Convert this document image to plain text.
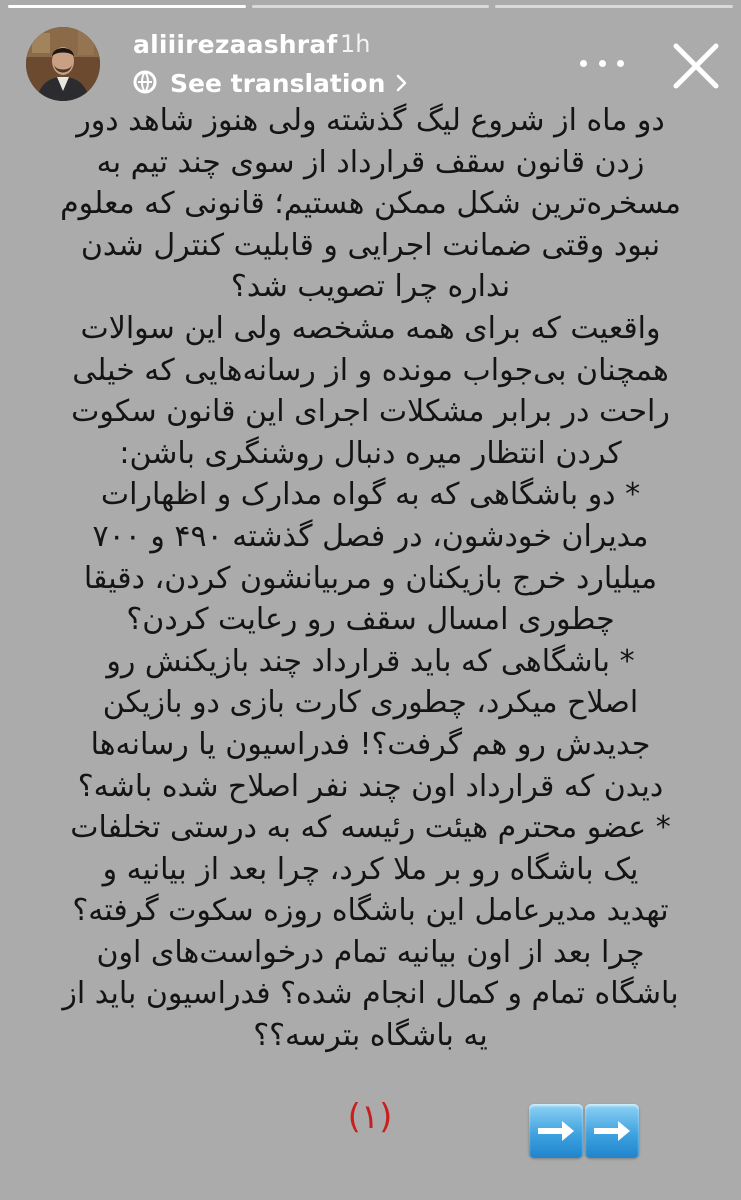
aliiirezaashraf 1h
See translation
دو ماه از شروع لیگ گذشته ولی هنوز شاهد دور
زدن قانون سقف قرارداد از سوی چند تیم به
مسخره‌ترین شکل ممکن هستیم؛ قانونی که معلوم
نبود وقتی ضمانت اجرایی و قابلیت کنترل شدن
نداره چرا تصویب شد؟
واقعیت که برای همه مشخصه ولی این سوالات
همچنان بی‌جواب مونده و از رسانه‌هایی که خیلی
راحت در برابر مشکلات اجرای این قانون سکوت
کردن انتظار میره دنبال روشنگری باشن:
* دو باشگاهی که به گواه مدارک و اظهارات
مدیران خودشون، در فصل گذشته ۴۹۰ و ۷۰۰
میلیارد خرج بازیکنان و مربیانشون کردن، دقیقا
چطوری امسال سقف رو رعایت کردن؟
* باشگاهی که باید قرارداد چند بازیکنش رو
اصلاح میکرد، چطوری کارت بازی دو بازیکن
جدیدش رو هم گرفت؟! فدراسیون یا رسانه‌ها
دیدن که قرارداد اون چند نفر اصلاح شده باشه؟
* عضو محترم هیئت رئیسه که به درستی تخلفات
یک باشگاه رو بر ملا کرد، چرا بعد از بیانیه و
تهدید مدیرعامل این باشگاه روزه سکوت گرفته؟
چرا بعد از اون بیانیه تمام درخواست‌های اون
باشگاه تمام و کمال انجام شده؟ فدراسیون باید از
یه باشگاه بترسه؟؟
(۱)
